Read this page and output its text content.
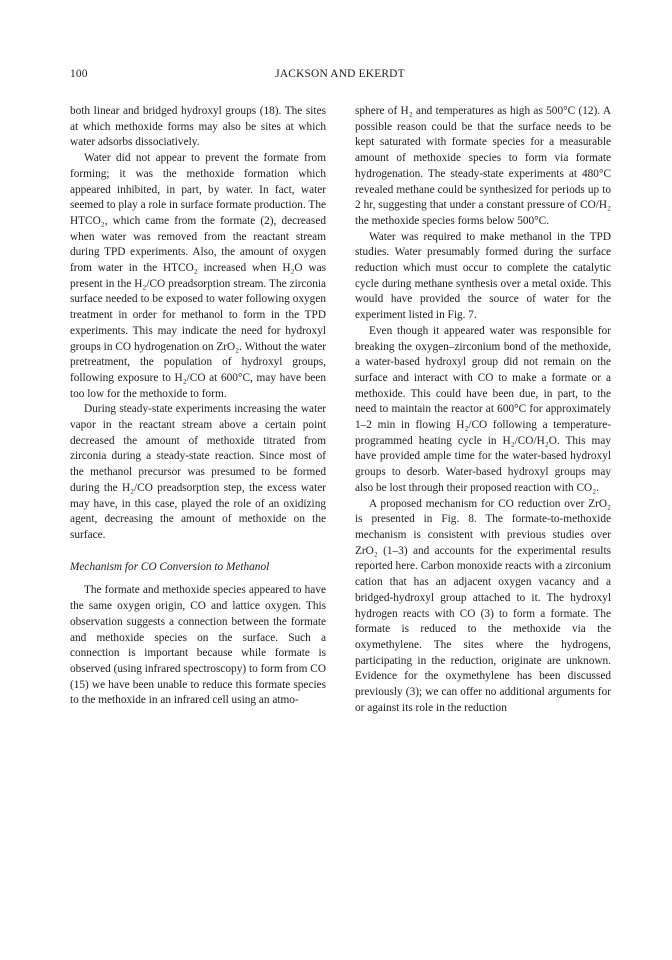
100	JACKSON AND EKERDT

both linear and bridged hydroxyl groups (18). The sites at which methoxide forms may also be sites at which water adsorbs dissociatively.

Water did not appear to prevent the formate from forming; it was the methoxide formation which appeared inhibited, in part, by water. In fact, water seemed to play a role in surface formate production. The HTCO₂, which came from the formate (2), decreased when water was removed from the reactant stream during TPD experiments. Also, the amount of oxygen from water in the HTCO₂ increased when H₂O was present in the H₂/CO preadsorption stream. The zirconia surface needed to be exposed to water following oxygen treatment in order for methanol to form in the TPD experiments. This may indicate the need for hydroxyl groups in CO hydrogenation on ZrO₂. Without the water pretreatment, the population of hydroxyl groups, following exposure to H₂/CO at 600°C, may have been too low for the methoxide to form.

During steady-state experiments increasing the water vapor in the reactant stream above a certain point decreased the amount of methoxide titrated from zirconia during a steady-state reaction. Since most of the methanol precursor was presumed to be formed during the H₂/CO preadsorption step, the excess water may have, in this case, played the role of an oxidizing agent, decreasing the amount of methoxide on the surface.

Mechanism for CO Conversion to Methanol

The formate and methoxide species appeared to have the same oxygen origin, CO and lattice oxygen. This observation suggests a connection between the formate and methoxide species on the surface. Such a connection is important because while formate is observed (using infrared spectroscopy) to form from CO (15) we have been unable to reduce this formate species to the methoxide in an infrared cell using an atmo-

sphere of H₂ and temperatures as high as 500°C (12). A possible reason could be that the surface needs to be kept saturated with formate species for a measurable amount of methoxide species to form via formate hydrogenation. The steady-state experiments at 480°C revealed methane could be synthesized for periods up to 2 hr, suggesting that under a constant pressure of CO/H₂ the methoxide species forms below 500°C.

Water was required to make methanol in the TPD studies. Water presumably formed during the surface reduction which must occur to complete the catalytic cycle during methane synthesis over a metal oxide. This would have provided the source of water for the experiment listed in Fig. 7.

Even though it appeared water was responsible for breaking the oxygen–zirconium bond of the methoxide, a water-based hydroxyl group did not remain on the surface and interact with CO to make a formate or a methoxide. This could have been due, in part, to the need to maintain the reactor at 600°C for approximately 1–2 min in flowing H₂/CO following a temperature-programmed heating cycle in H₂/CO/H₂O. This may have provided ample time for the water-based hydroxyl groups to desorb. Water-based hydroxyl groups may also be lost through their proposed reaction with CO₂.

A proposed mechanism for CO reduction over ZrO₂ is presented in Fig. 8. The formate-to-methoxide mechanism is consistent with previous studies over ZrO₂ (1–3) and accounts for the experimental results reported here. Carbon monoxide reacts with a zirconium cation that has an adjacent oxygen vacancy and a bridged-hydroxyl group attached to it. The hydroxyl hydrogen reacts with CO (3) to form a formate. The formate is reduced to the methoxide via the oxymethylene. The sites where the hydrogens, participating in the reduction, originate are unknown. Evidence for the oxymethylene has been discussed previously (3); we can offer no additional arguments for or against its role in the reduction
